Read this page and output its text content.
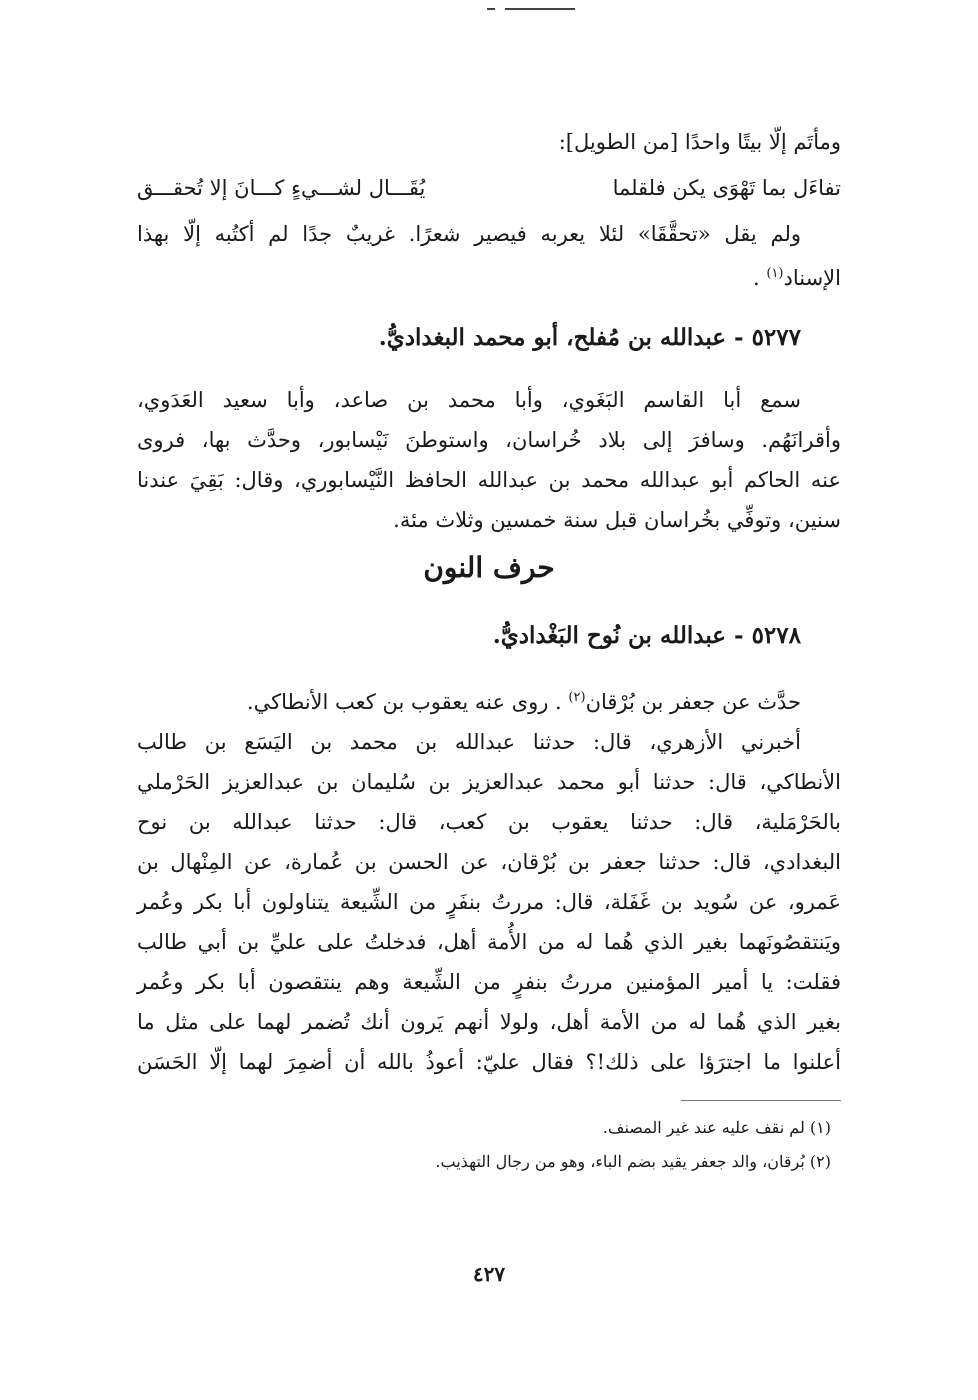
ومأتَم إلّا بيتًا واحدًا [من الطويل]:

تفاءَل بما تَهْوَى يكن فلقلما
يُقَـــال لشـــيءٍ كـــانَ إلا تُحقـــق

ولم يقل «تحقَّقَا» لئلا يعربه فيصير شعرًا. غريبٌ جدًا لم أكتُبه إلّا بهذا

الإسناد$^{(١)}$ .

٥٢٧٧ - عبدالله بن مُفلح، أبو محمد البغداديُّ.

سمع أبا القاسم البَغَوي، وأبا محمد بن صاعد، وأبا سعيد العَدَوي،

وأقرانَهُم. وسافرَ إلى بلاد خُراسان، واستوطنَ نَيْسابور، وحدَّث بها، فروى

عنه الحاكم أبو عبدالله محمد بن عبدالله الحافظ النَّيْسابوري، وقال: بَقِيَ عندنا

سنين، وتوفِّي بخُراسان قبل سنة خمسين وثلاث مئة.

حرف النون
٥٢٧٨ - عبدالله بن نُوح البَغْداديُّ.

حدَّث عن جعفر بن بُرْقان$^{(٢)}$ . روى عنه يعقوب بن كعب الأنطاكي.

أخبرني الأزهري، قال: حدثنا عبدالله بن محمد بن اليَسَع بن طالب

الأنطاكي، قال: حدثنا أبو محمد عبدالعزيز بن سُليمان بن عبدالعزيز الحَرْملي

بالحَرْمَلية، قال: حدثنا يعقوب بن كعب، قال: حدثنا عبدالله بن نوح

البغدادي، قال: حدثنا جعفر بن بُرْقان، عن الحسن بن عُمارة، عن المِنْهال بن

عَمرو، عن سُويد بن غَفَلة، قال: مررتُ بنفَرٍ من الشِّيعة يتناولون أبا بكر وعُمر

ويَنتقصُونَهما بغير الذي هُما له من الأُمة أهل، فدخلتُ على عليِّ بن أبي طالب

فقلت: يا أمير المؤمنين مررتُ بنفرٍ من الشِّيعة وهم ينتقصون أبا بكر وعُمر

بغير الذي هُما له من الأمة أهل، ولولا أنهم يَرون أنك تُضمر لهما على مثل ما

أعلنوا ما اجترَؤا على ذلك!؟ فقال عليّ: أعوذُ بالله أن أضمِرَ لهما إلّا الحَسَن

(١) لم نقف عليه عند غير المصنف.
(٢) بُرقان، والد جعفر يقيد بضم الباء، وهو من رجال التهذيب.
٤٢٧
